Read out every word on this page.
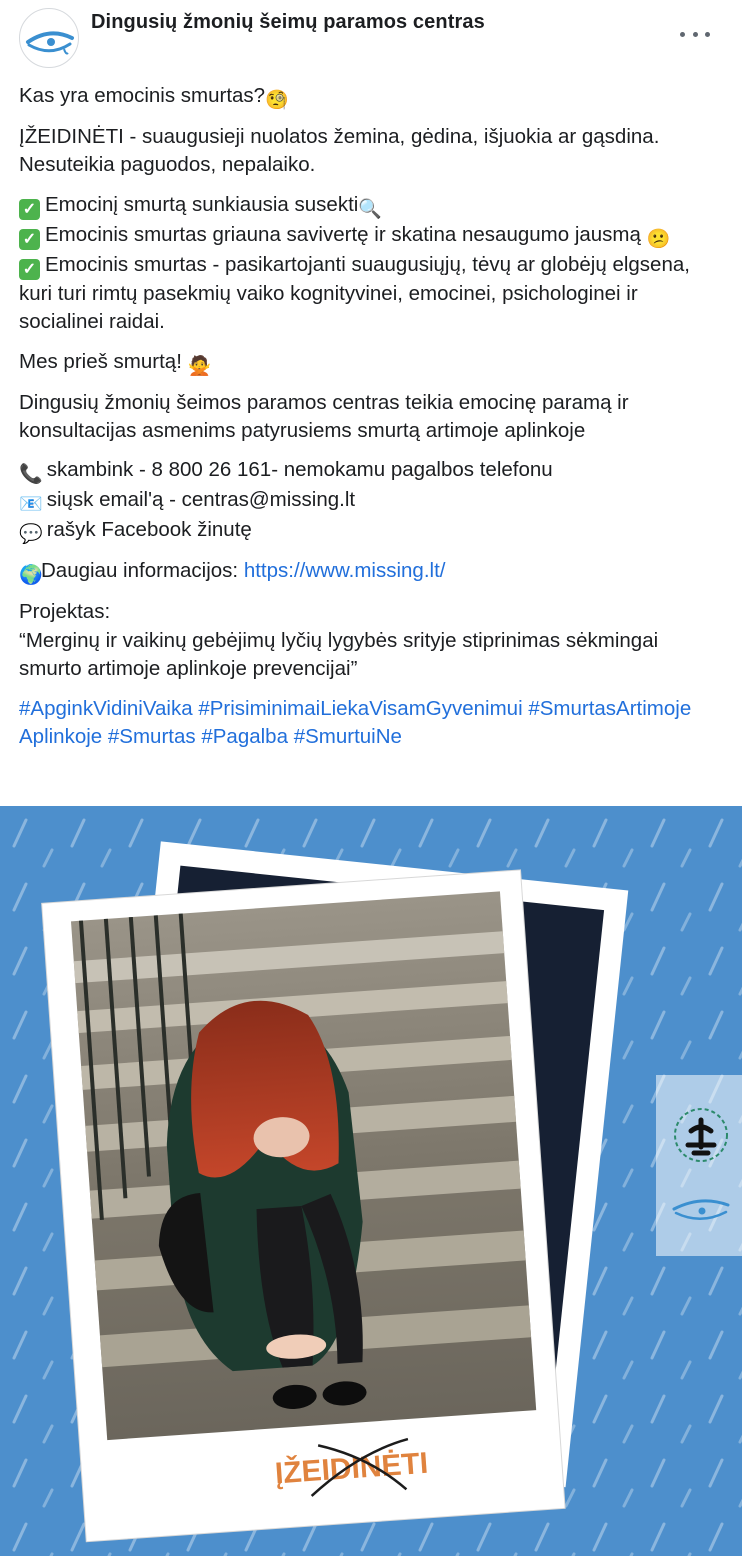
Dingusių žmonių šeimų paramos centras

Kas yra emocinis smurtas?🧐

ĮŽEIDINĖTI - suaugusieji nuolatos žemina, gėdina, išjuokia ar gąsdina. Nesuteikia paguodos, nepalaiko.

✓ Emocinį smurtą sunkiausia susekti🔍
✓ Emocinis smurtas griauna savivertę ir skatina nesaugumo jausmą 😕
✓ Emocinis smurtas - pasikartojanti suaugusiųjų, tėvų ar globėjų elgsena, kuri turi rimtų pasekmių vaiko kognityvinei, emocinei, psichologinei ir socialinei raidai.

Mes prieš smurtą! 🙅

Dingusių žmonių šeimos paramos centras teikia emocinę paramą ir konsultacijas asmenims patyrusiems smurtą artimoje aplinkoje

📞 skambink - 8 800 26 161- nemokamu pagalbos telefonu
📧 siųsk email'ą - centras@missing.lt
💬 rašyk Facebook žinutę

🌍Daugiau informacijos: https://www.missing.lt/

Projektas:
“Merginų ir vaikinų gebėjimų lyčių lygybės srityje stiprinimas sėkmingai smurto artimoje aplinkoje prevencijai”

#Apgink​VidiniVaika #Prisiminimai​Lieka​Visam​Gyvenimui #Smurtas​Artimoje​Aplinkoje #Smurtas #Pagalba #Smurtui​Ne

ĮŽEIDINĖTI
